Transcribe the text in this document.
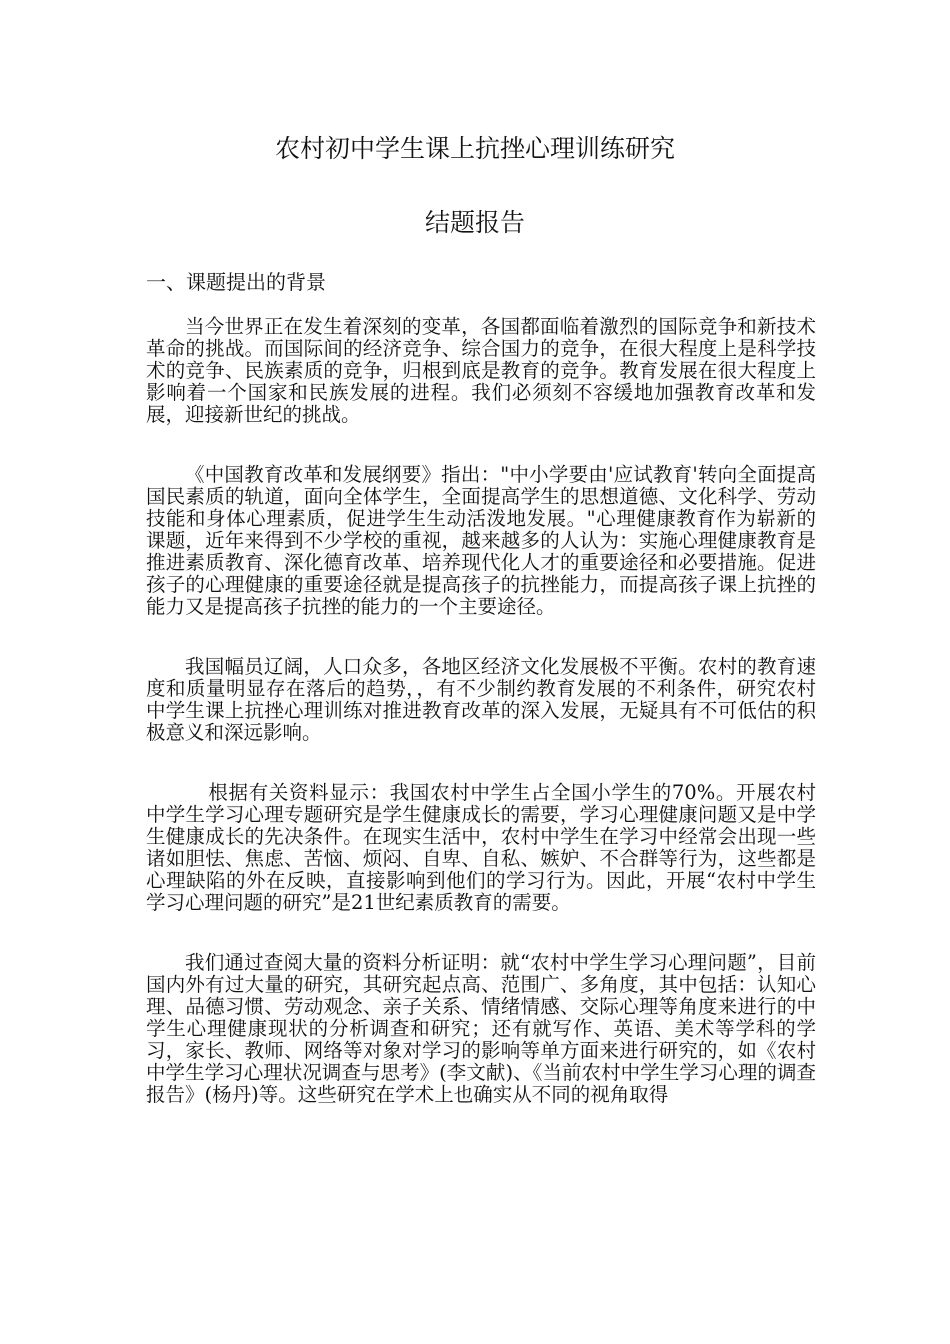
农村初中学生课上抗挫心理训练研究
结题报告
一、课题提出的背景

当今世界正在发生着深刻的变革，各国都面临着激烈的国际竞争和新技术革命的挑战。而国际间的经济竞争、综合国力的竞争，在很大程度上是科学技术的竞争、民族素质的竞争，归根到底是教育的竞争。教育发展在很大程度上影响着一个国家和民族发展的进程。我们必须刻不容缓地加强教育改革和发展，迎接新世纪的挑战。

《中国教育改革和发展纲要》指出："中小学要由'应试教育'转向全面提高国民素质的轨道，面向全体学生，全面提高学生的思想道德、文化科学、劳动技能和身体心理素质，促进学生生动活泼地发展。"心理健康教育作为崭新的课题，近年来得到不少学校的重视，越来越多的人认为：实施心理健康教育是推进素质教育、深化德育改革、培养现代化人才的重要途径和必要措施。促进孩子的心理健康的重要途径就是提高孩子的抗挫能力，而提高孩子课上抗挫的能力又是提高孩子抗挫的能力的一个主要途径。

我国幅员辽阔，人口众多，各地区经济文化发展极不平衡。农村的教育速度和质量明显存在落后的趋势，，有不少制约教育发展的不利条件，研究农村中学生课上抗挫心理训练对推进教育改革的深入发展，无疑具有不可低估的积极意义和深远影响。

根据有关资料显示：我国农村中学生占全国小学生的70%。开展农村中学生学习心理专题研究是学生健康成长的需要，学习心理健康问题又是中学生健康成长的先决条件。在现实生活中，农村中学生在学习中经常会出现一些诸如胆怯、焦虑、苦恼、烦闷、自卑、自私、嫉妒、不合群等行为，这些都是心理缺陷的外在反映，直接影响到他们的学习行为。因此，开展“农村中学生学习心理问题的研究”是21世纪素质教育的需要。

我们通过查阅大量的资料分析证明：就“农村中学生学习心理问题”，目前国内外有过大量的研究，其研究起点高、范围广、多角度，其中包括：认知心理、品德习惯、劳动观念、亲子关系、情绪情感、交际心理等角度来进行的中学生心理健康现状的分析调查和研究；还有就写作、英语、美术等学科的学习，家长、教师、网络等对象对学习的影响等单方面来进行研究的，如《农村中学生学习心理状况调查与思考》(李文献)、《当前农村中学生学习心理的调查报告》(杨丹)等。这些研究在学术上也确实从不同的视角取得
